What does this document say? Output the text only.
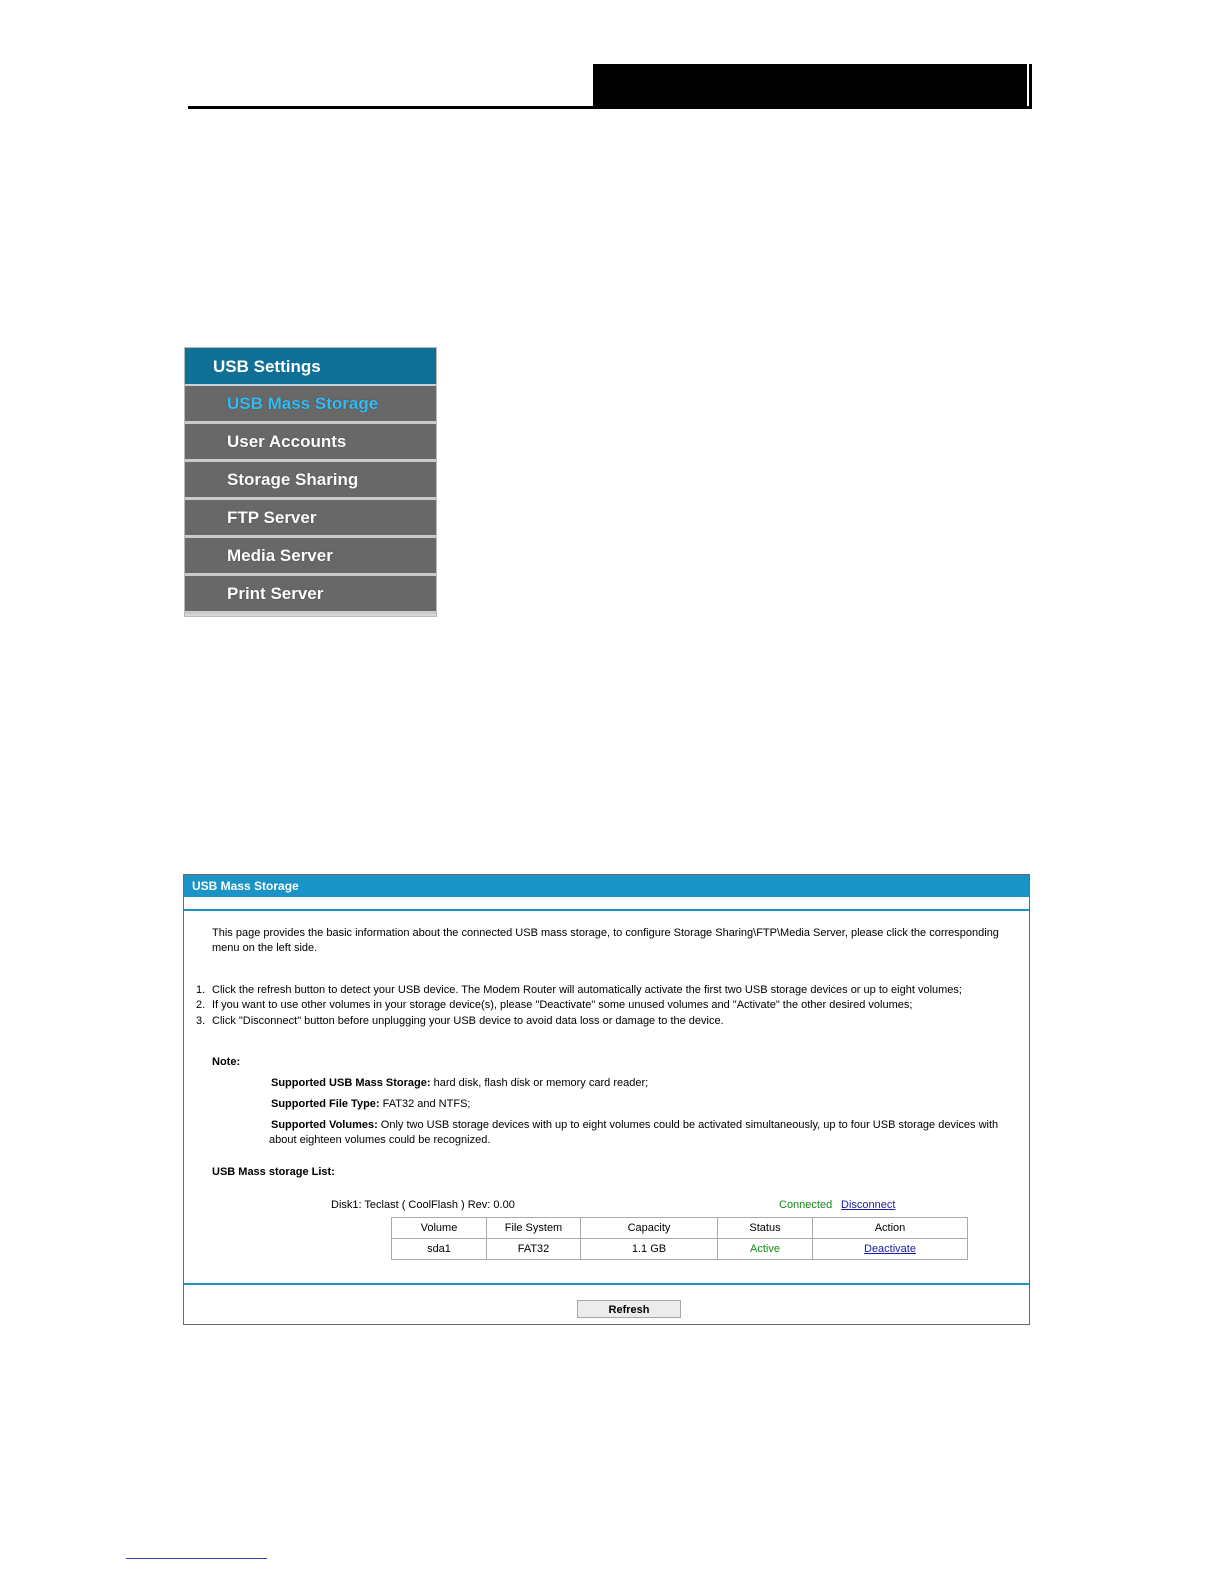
USB Settings
USB Mass Storage
User Accounts
Storage Sharing
FTP Server
Media Server
Print Server
USB Mass Storage
This page provides the basic information about the connected USB mass storage, to configure Storage Sharing\FTP\Media Server, please click the corresponding
menu on the left side.
1. Click the refresh button to detect your USB device. The Modem Router will automatically activate the first two USB storage devices or up to eight volumes;
2. If you want to use other volumes in your storage device(s), please "Deactivate" some unused volumes and "Activate" the other desired volumes;
3. Click "Disconnect" button before unplugging your USB device to avoid data loss or damage to the device.
Note:
Supported USB Mass Storage: hard disk, flash disk or memory card reader;
Supported File Type: FAT32 and NTFS;
Supported Volumes: Only two USB storage devices with up to eight volumes could be activated simultaneously, up to four USB storage devices with
about eighteen volumes could be recognized.
USB Mass storage List:
Disk1: Teclast ( CoolFlash ) Rev: 0.00	Connected Disconnect
Volume	File System	Capacity	Status	Action
sda1	FAT32	1.1 GB	Active	Deactivate
Refresh
